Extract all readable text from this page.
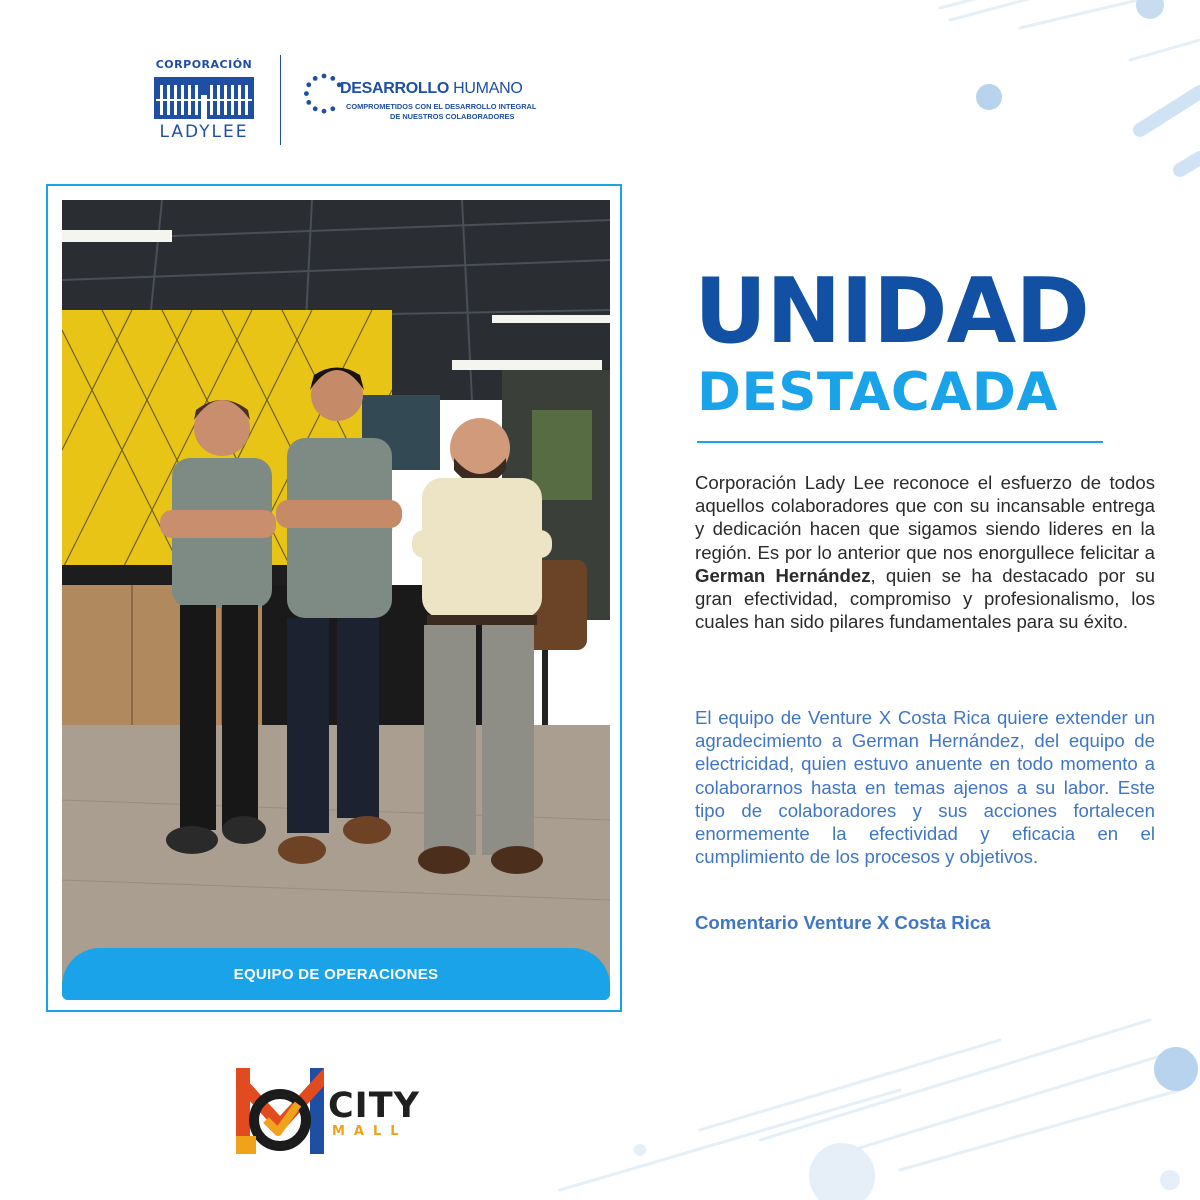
CORPORACIÓN
LADYLEE
DESARROLLO HUMANO
COMPROMETIDOS CON EL DESARROLLO INTEGRAL
DE NUESTROS COLABORADORES
EQUIPO DE OPERACIONES
UNIDAD
DESTACADA

Corporación Lady Lee reconoce el esfuerzo de todos aquellos colaboradores que con su incansable entrega y dedicación hacen que sigamos siendo lideres en la región. Es por lo anterior que nos enorgullece felicitar a German Hernández, quien se ha destacado por su gran efectividad, compromiso y profesionalismo, los cuales han sido pilares fundamentales para su éxito.

El equipo de Venture X Costa Rica quiere extender un agradecimiento a German Hernández, del equipo de electricidad, quien estuvo anuente en todo momento a colaborarnos hasta en temas ajenos a su labor. Este tipo de colaboradores y sus acciones fortalecen enormemente la efectividad y eficacia en el cumplimiento de los procesos y objetivos.

Comentario Venture X Costa Rica
CITY
MALL
